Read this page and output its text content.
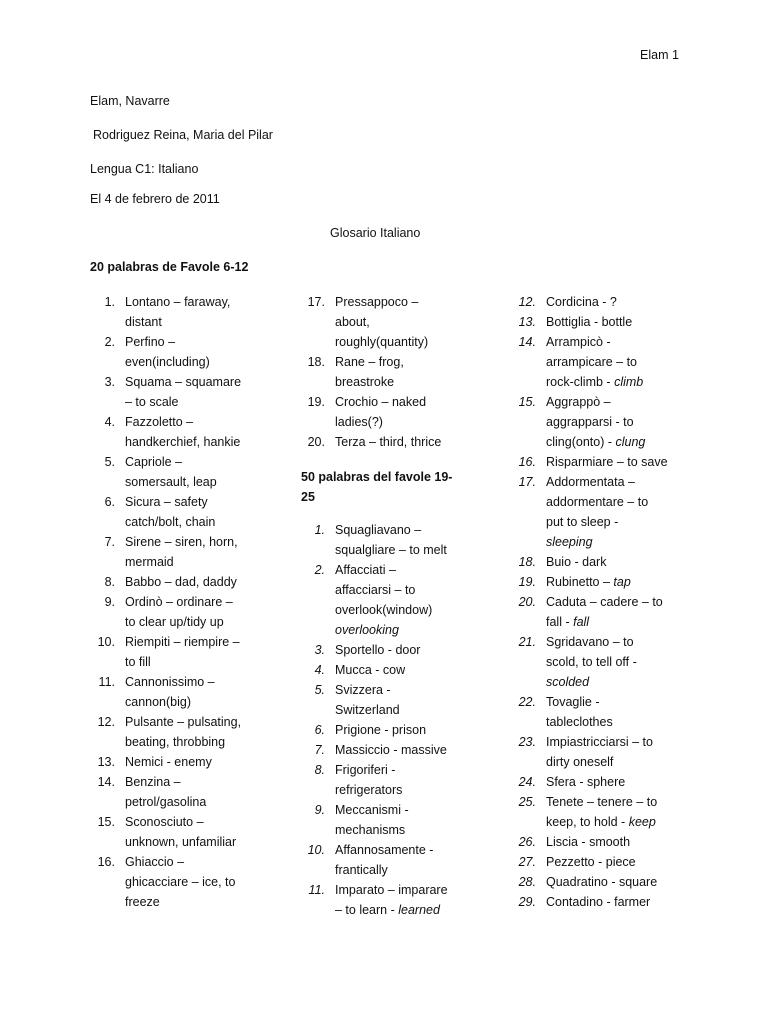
Elam 1
Elam, Navarre
Rodriguez Reina, Maria del Pilar
Lengua C1: Italiano
El 4 de febrero de 2011
Glosario Italiano
20 palabras de Favole 6-12
50 palabras del favole 19-
25
1. Lontano – faraway,
distant
2. Perfino –
even(including)
3. Squama – squamare
– to scale
4. Fazzoletto –
handkerchief, hankie
5. Capriole –
somersault, leap
6. Sicura – safety
catch/bolt, chain
7. Sirene – siren, horn,
mermaid
8. Babbo – dad, daddy
9. Ordinò – ordinare –
to clear up/tidy up
10. Riempiti – riempire –
to fill
11. Cannonissimo –
cannon(big)
12. Pulsante – pulsating,
beating, throbbing
13. Nemici - enemy
14. Benzina –
petrol/gasolina
15. Sconosciuto –
unknown, unfamiliar
16. Ghiaccio –
ghicacciare – ice, to
freeze
17. Pressappoco –
about,
roughly(quantity)
18. Rane – frog,
breastroke
19. Crochio – naked
ladies(?)
20. Terza – third, thrice
1. Squagliavano –
squalgliare – to melt
2. Affacciati –
affacciarsi – to
overlook(window)
overlooking
3. Sportello - door
4. Mucca - cow
5. Svizzera -
Switzerland
6. Prigione - prison
7. Massiccio - massive
8. Frigoriferi -
refrigerators
9. Meccanismi -
mechanisms
10. Affannosamente -
frantically
11. Imparato – imparare
– to learn - learned
12. Cordicina - ?
13. Bottiglia - bottle
14. Arrampicò -
arrampicare – to
rock-climb - climb
15. Aggrappò –
aggrapparsi - to
cling(onto) - clung
16. Risparmiare – to save
17. Addormentata –
addormentare – to
put to sleep -
sleeping
18. Buio - dark
19. Rubinetto – tap
20. Caduta – cadere – to
fall - fall
21. Sgridavano – to
scold, to tell off -
scolded
22. Tovaglie -
tableclothes
23. Impiastricciarsi – to
dirty oneself
24. Sfera - sphere
25. Tenete – tenere – to
keep, to hold - keep
26. Liscia - smooth
27. Pezzetto - piece
28. Quadratino - square
29. Contadino - farmer
